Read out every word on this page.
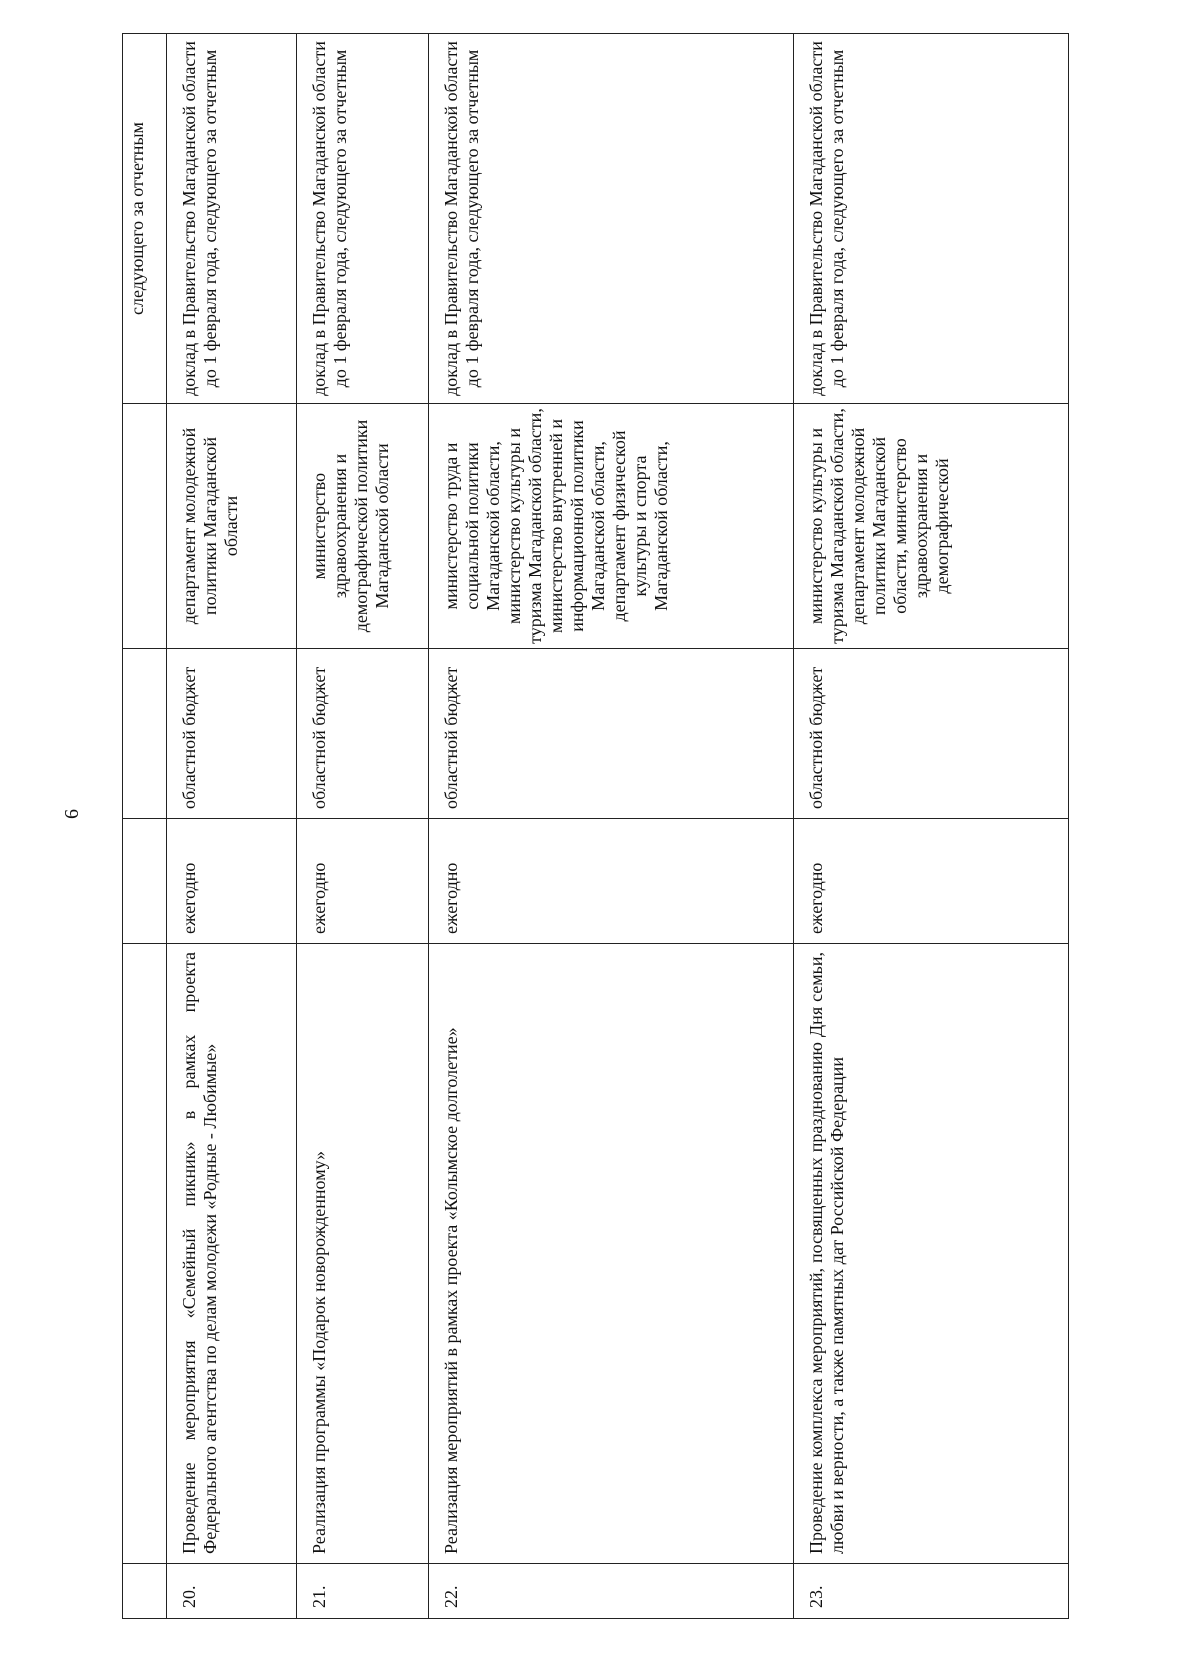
6
					следующего за отчетным
20.	Проведение мероприятия «Семейный пикник» в рамках проекта Федерального агентства по делам молодежи «Родные - Любимые»	ежегодно	областной бюджет	департамент молодежной политики Магаданской области	доклад в Правительство Магаданской области до 1 февраля года, следующего за отчетным
21.	Реализация программы «Подарок новорожденному»	ежегодно	областной бюджет	министерство здравоохранения и демографической политики Магаданской области	доклад в Правительство Магаданской области до 1 февраля года, следующего за отчетным
22.	Реализация мероприятий в рамках проекта «Колымское долголетие»	ежегодно	областной бюджет	министерство труда и социальной политики Магаданской области, министерство культуры и туризма Магаданской области, министерство внутренней и информационной политики Магаданской области, департамент физической культуры и спорта Магаданской области,	доклад в Правительство Магаданской области до 1 февраля года, следующего за отчетным
23.	Проведение комплекса мероприятий, посвященных празднованию Дня семьи, любви и верности, а также памятных дат Российской Федерации	ежегодно	областной бюджет	министерство культуры и туризма Магаданской области, департамент молодежной политики Магаданской области, министерство здравоохранения и демографической	доклад в Правительство Магаданской области до 1 февраля года, следующего за отчетным
